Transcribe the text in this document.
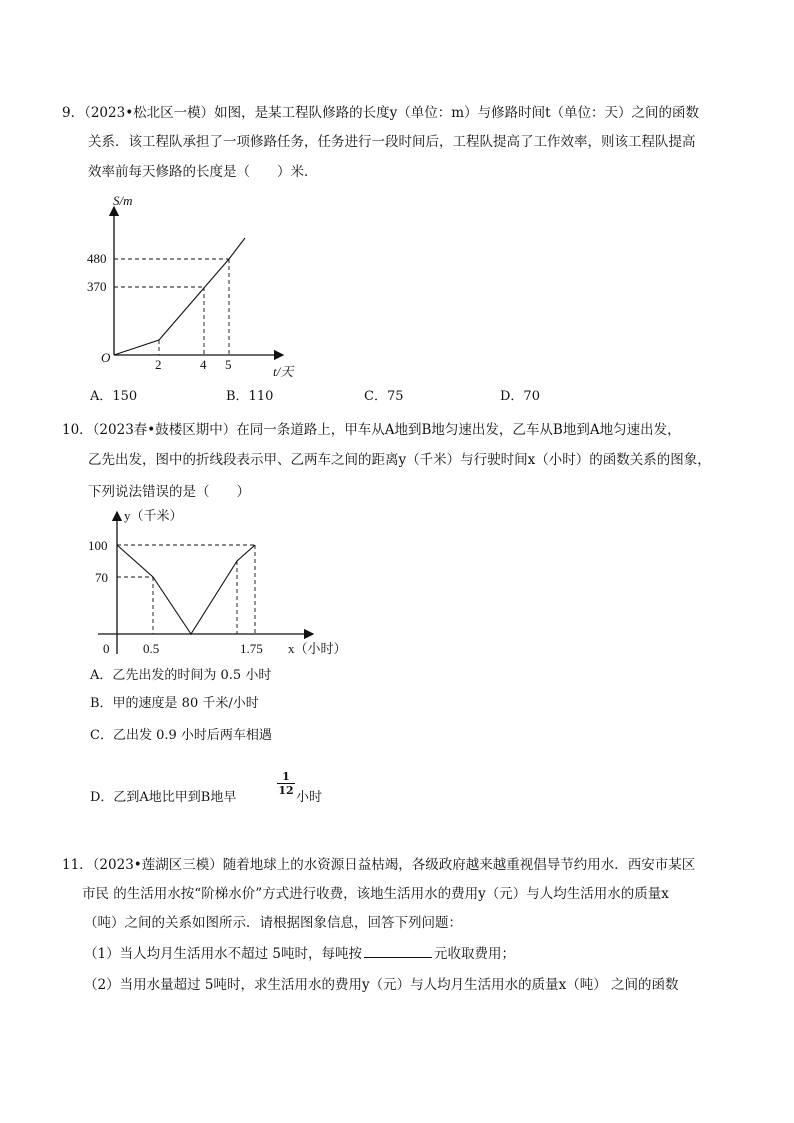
9．（2023•松北区一模）如图，是某工程队修路的长度y（单位：m）与修路时间t（单位：天）之间的函数
关系．该工程队承担了一项修路任务，任务进行一段时间后，工程队提高了工作效率，则该工程队提高
效率前每天修路的长度是（　　）米．
S/m
t/天
O
480
370
2	4 5
y（千米）
x（小时）
0
100
70
0.5	1.75
A．150	B．110	C．75	D．70
10．（2023春•鼓楼区期中）在同一条道路上，甲车从A地到B地匀速出发，乙车从B地到A地匀速出发，
乙先出发，图中的折线段表示甲、乙两车之间的距离y（千米）与行驶时间x（小时）的函数关系的图象，
下列说法错误的是（　　）
A．乙先出发的时间为 0.5 小时
B．甲的速度是 80 千米/小时
C．乙出发 0.9 小时后两车相遇
D．乙到A地比甲到B地早
$\frac{1}{12}$
小时
11．（2023•莲湖区三模）随着地球上的水资源日益枯竭，各级政府越来越重视倡导节约用水．西安市某区
市民 的生活用水按“阶梯水价”方式进行收费，该地生活用水的费用y（元）与人均生活用水的质量x
（吨）之间的关系如图所示．请根据图象信息，回答下列问题：
（1）当人均月生活用水不超过 5吨时，每吨按	元收取费用；
（2）当用水量超过 5吨时，求生活用水的费用y（元）与人均月生活用水的质量x（吨） 之间的函数
